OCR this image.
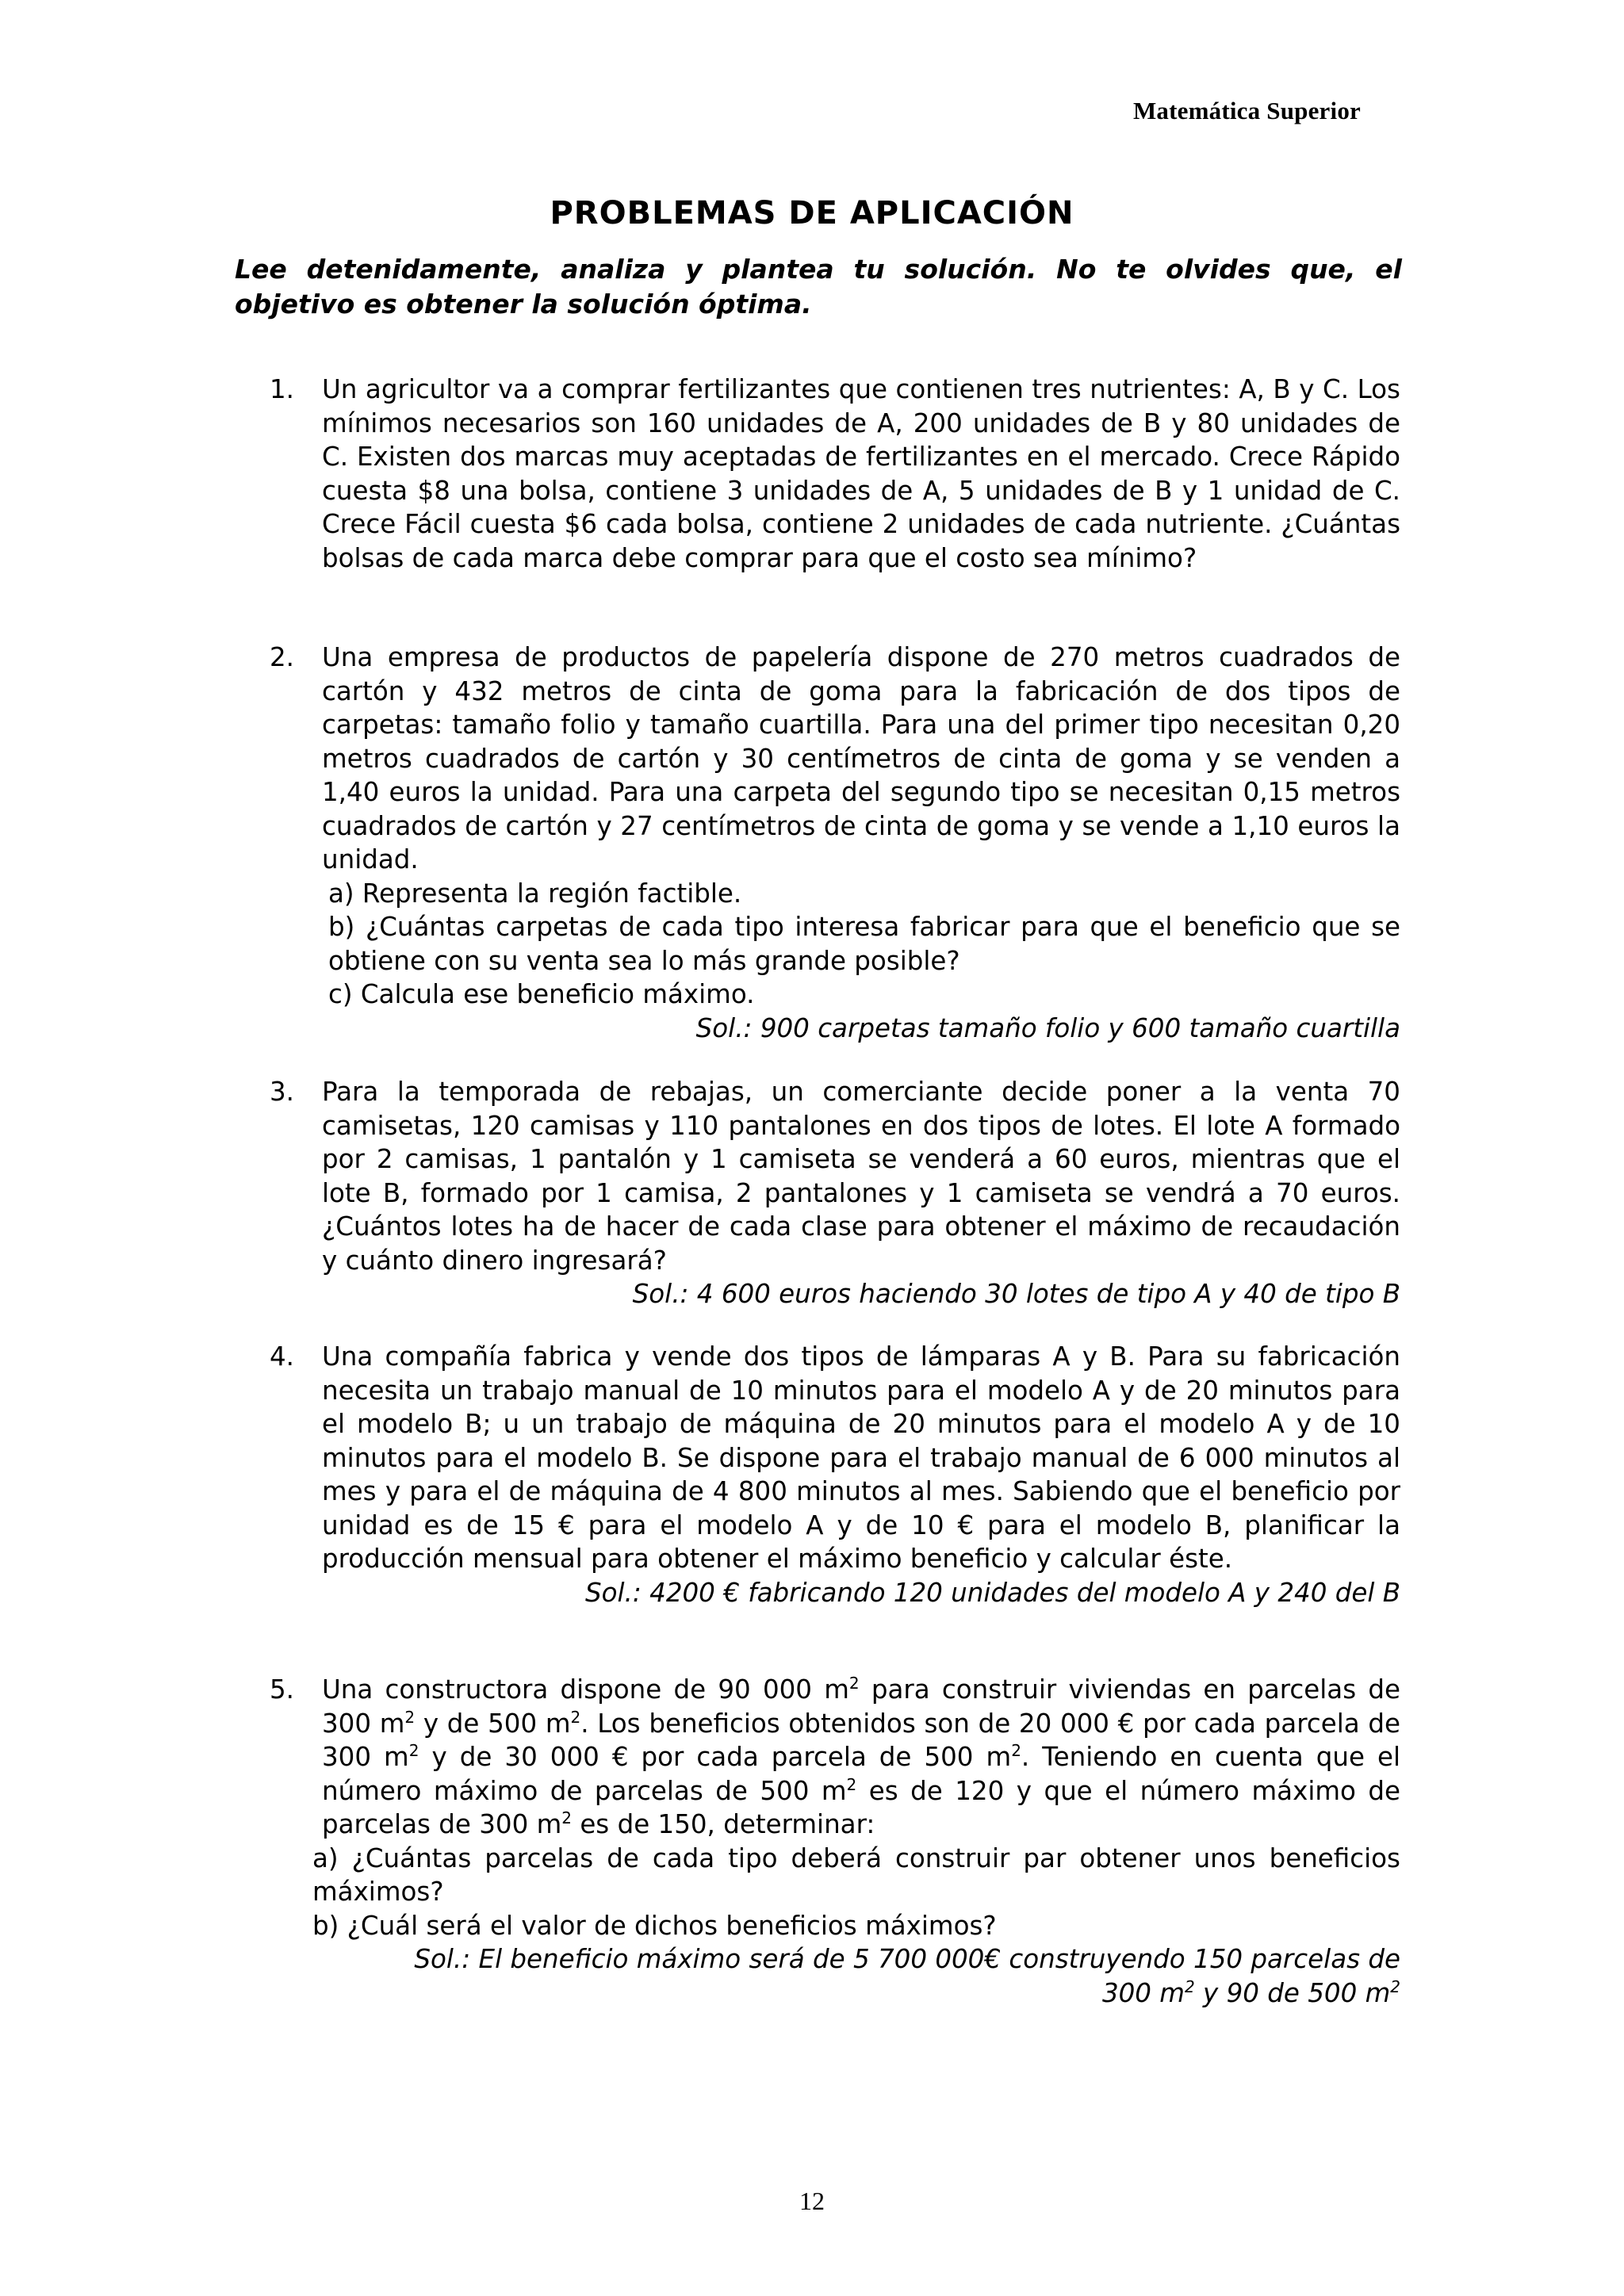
Matemática Superior
PROBLEMAS DE APLICACIÓN
Lee detenidamente, analiza y plantea tu solución. No te olvides que, el objetivo es obtener la solución óptima.
1.	Un agricultor va a comprar fertilizantes que contienen tres nutrientes: A, B y C. Los mínimos necesarios son 160 unidades de A, 200 unidades de B y 80 unidades de C. Existen dos marcas muy aceptadas de fertilizantes en el mercado. Crece Rápido cuesta $8 una bolsa, contiene 3 unidades de A, 5 unidades de B y 1 unidad de C. Crece Fácil cuesta $6 cada bolsa, contiene 2 unidades de cada nutriente. ¿Cuántas bolsas de cada marca debe comprar para que el costo sea mínimo?
2.	Una empresa de productos de papelería dispone de 270 metros cuadrados de cartón y 432 metros de cinta de goma para la fabricación de dos tipos de carpetas: tamaño folio y tamaño cuartilla. Para una del primer tipo necesitan 0,20 metros cuadrados de cartón y 30 centímetros de cinta de goma y se venden a 1,40 euros la unidad. Para una carpeta del segundo tipo se necesitan 0,15 metros cuadrados de cartón y 27 centímetros de cinta de goma y se vende a 1,10 euros la unidad.
a) Representa la región factible.
b) ¿Cuántas carpetas de cada tipo interesa fabricar para que el beneficio que se obtiene con su venta sea lo más grande posible?
c) Calcula ese beneficio máximo.
Sol.: 900 carpetas tamaño folio y 600 tamaño cuartilla
3.	Para la temporada de rebajas, un comerciante decide poner a la venta 70 camisetas, 120 camisas y 110 pantalones en dos tipos de lotes. El lote A formado por 2 camisas, 1 pantalón y 1 camiseta se venderá a 60 euros, mientras que el lote B, formado por 1 camisa, 2 pantalones y 1 camiseta se vendrá a 70 euros. ¿Cuántos lotes ha de hacer de cada clase para obtener el máximo de recaudación y cuánto dinero ingresará?
Sol.: 4 600 euros haciendo 30 lotes de tipo A y 40 de tipo B
4.	Una compañía fabrica y vende dos tipos de lámparas A y B. Para su fabricación necesita un trabajo manual de 10 minutos para el modelo A y de 20 minutos para el modelo B; u un trabajo de máquina de 20 minutos para el modelo A y de 10 minutos para el modelo B. Se dispone para el trabajo manual de 6 000 minutos al mes y para el de máquina de 4 800 minutos al mes. Sabiendo que el beneficio por unidad es de 15 € para el modelo A y de 10 € para el modelo B, planificar la producción mensual para obtener el máximo beneficio y calcular éste.
Sol.: 4200 € fabricando 120 unidades del modelo A y 240 del B
5.	Una constructora dispone de 90 000 $m^2$ para construir viviendas en parcelas de 300 $m^2$ y de 500 $m^2$. Los beneficios obtenidos son de 20 000 € por cada parcela de 300 $m^2$ y de 30 000 € por cada parcela de 500 $m^2$. Teniendo en cuenta que el número máximo de parcelas de 500 $m^2$ es de 120 y que el número máximo de parcelas de 300 $m^2$ es de 150, determinar:
a) ¿Cuántas parcelas de cada tipo deberá construir par obtener unos beneficios máximos?
b) ¿Cuál será el valor de dichos beneficios máximos?
Sol.: El beneficio máximo será de 5 700 000€ construyendo 150 parcelas de
300 $m^2$ y 90 de 500 $m^2$
12
